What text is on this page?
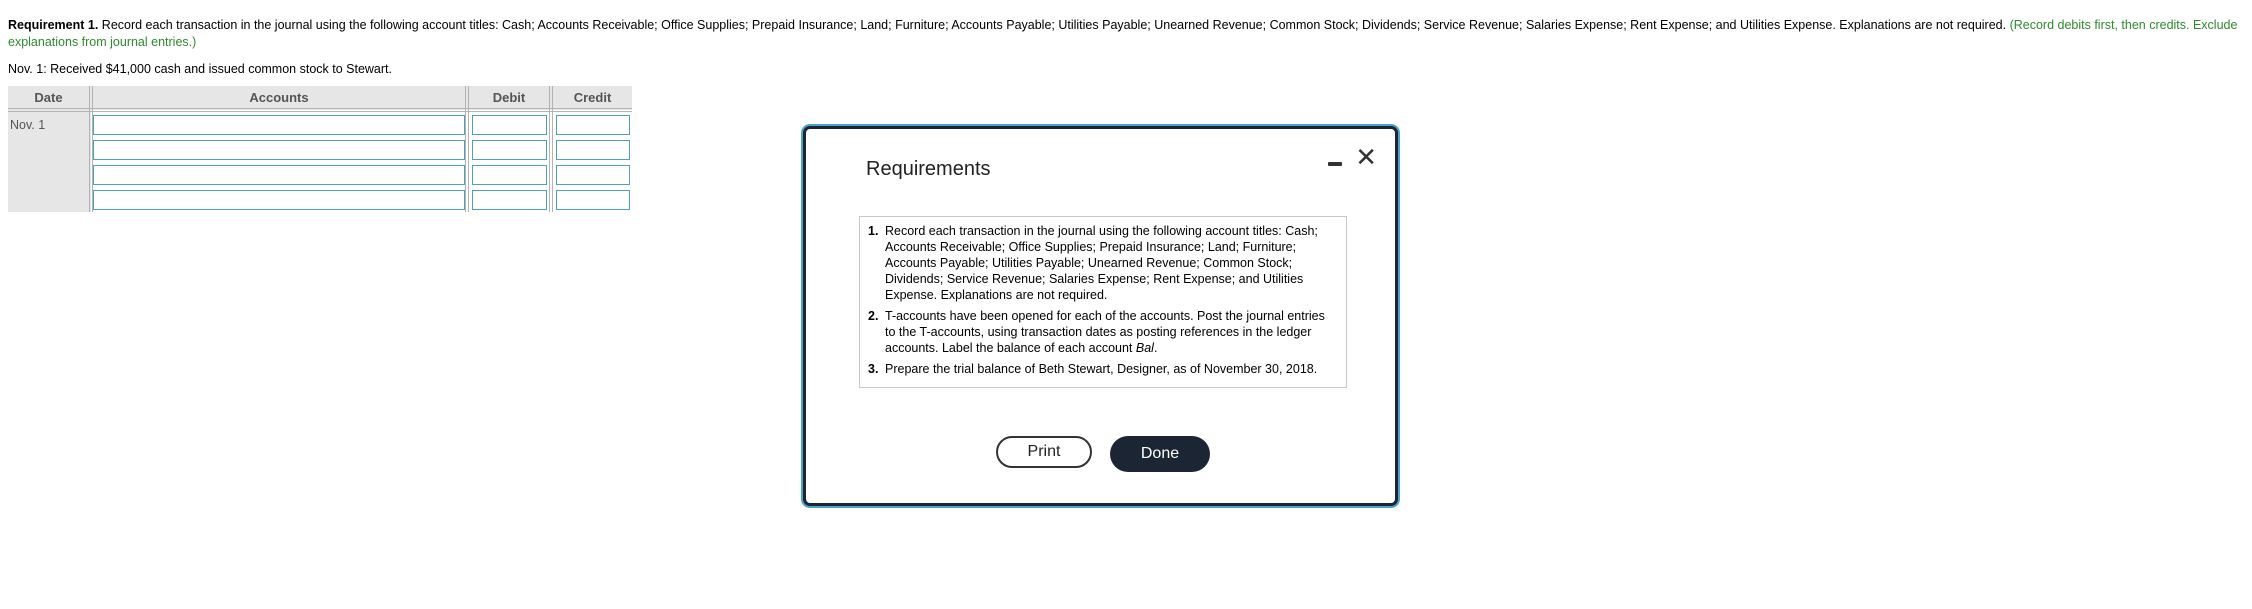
Requirement 1. Record each transaction in the journal using the following account titles: Cash; Accounts Receivable; Office Supplies; Prepaid Insurance; Land; Furniture; Accounts Payable; Utilities Payable; Unearned Revenue; Common Stock; Dividends; Service Revenue; Salaries Expense; Rent Expense; and Utilities Expense. Explanations are not required. (Record debits first, then credits. Exclude explanations from journal entries.)
Nov. 1: Received $41,000 cash and issued common stock to Stewart.
Date	Accounts	Debit	Credit
Nov. 1	

Requirements	✕
1. Record each transaction in the journal using the following account titles: Cash; Accounts Receivable; Office Supplies; Prepaid Insurance; Land; Furniture; Accounts Payable; Utilities Payable; Unearned Revenue; Common Stock; Dividends; Service Revenue; Salaries Expense; Rent Expense; and Utilities Expense. Explanations are not required.
2. T-accounts have been opened for each of the accounts. Post the journal entries to the T-accounts, using transaction dates as posting references in the ledger accounts. Label the balance of each account Bal.
3. Prepare the trial balance of Beth Stewart, Designer, as of November 30, 2018.
Print	Done
